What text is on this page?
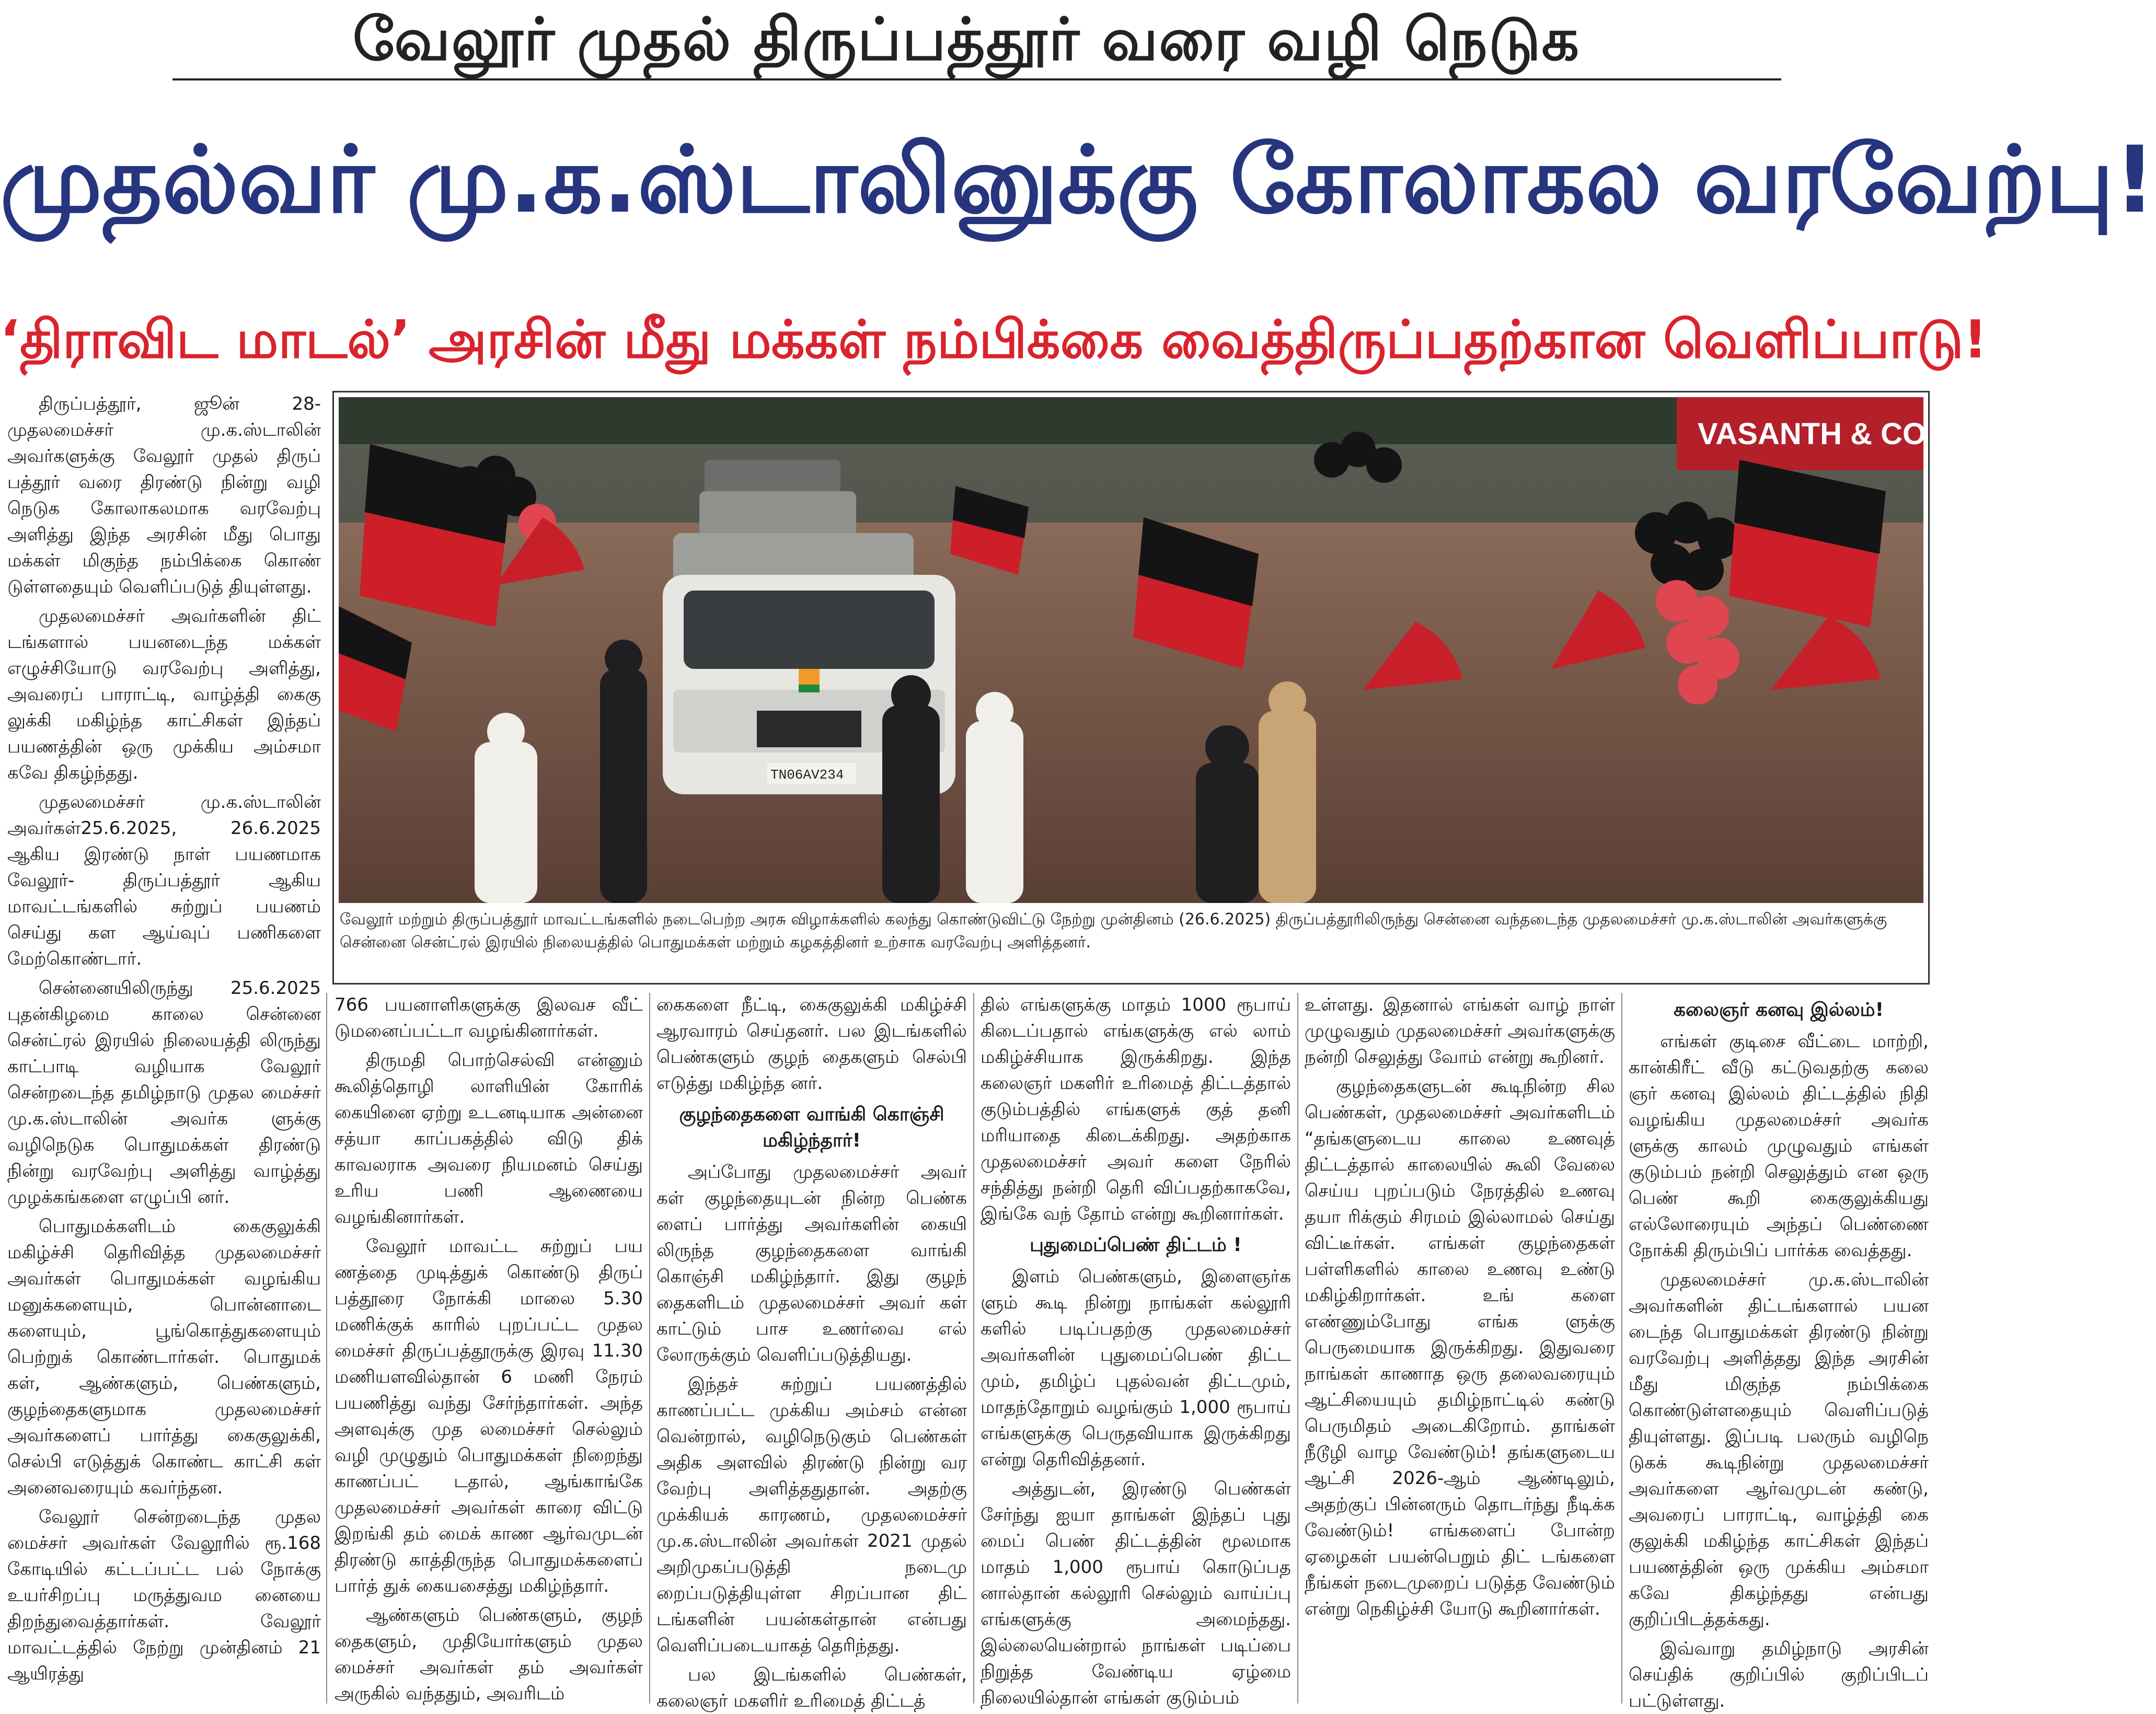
வேலூர் முதல் திருப்பத்தூர் வரை வழி நெடுக
முதல்வர் மு.க.ஸ்டாலினுக்கு கோலாகல வரவேற்பு!
‘திராவிட மாடல்’ அரசின் மீது மக்கள் நம்பிக்கை வைத்திருப்பதற்கான வெளிப்பாடு!

திருப்பத்தூர், ஜூன் 28- முதலமைச்சர் மு.க.ஸ்டாலின் அவர்களுக்கு வேலூர் முதல் திருப் பத்தூர் வரை திரண்டு நின்று வழி நெடுக கோலாகலமாக வரவேற்பு அளித்து இந்த அரசின் மீது பொது மக்கள் மிகுந்த நம்பிக்கை கொண் டுள்ளதையும் வெளிப்படுத் தியுள்ளது.

முதலமைச்சர் அவர்களின் திட் டங்களால் பயனடைந்த மக்கள் எழுச்சியோடு வரவேற்பு அளித்து, அவரைப் பாராட்டி, வாழ்த்தி கைகு லுக்கி மகிழ்ந்த காட்சிகள் இந்தப் பயணத்தின் ஒரு முக்கிய அம்சமா கவே திகழ்ந்தது.

முதலமைச்சர் மு.க.ஸ்டாலின் அவர்கள்25.6.2025, 26.6.2025 ஆகிய இரண்டு நாள் பயணமாக வேலூர்- திருப்பத்தூர் ஆகிய மாவட்டங்களில் சுற்றுப் பயணம் செய்து கள ஆய்வுப் பணிகளை மேற்கொண்டார்.

சென்னையிலிருந்து 25.6.2025 புதன்கிழமை காலை சென்னை சென்ட்ரல் இரயில் நிலையத்தி லிருந்து காட்பாடி வழியாக வேலூர் சென்றடைந்த தமிழ்நாடு முதல மைச்சர் மு.க.ஸ்டாலின் அவர்க ளுக்கு வழிநெடுக பொதுமக்கள் திரண்டு நின்று வரவேற்பு அளித்து வாழ்த்து முழக்கங்களை எழுப்பி னர்.

பொதுமக்களிடம் கைகுலுக்கி மகிழ்ச்சி தெரிவித்த முதலமைச்சர் அவர்கள் பொதுமக்கள் வழங்கிய மனுக்களையும், பொன்னாடை களையும், பூங்கொத்துகளையும் பெற்றுக் கொண்டார்கள். பொதுமக் கள், ஆண்களும், பெண்களும், குழந்தைகளுமாக முதலமைச்சர் அவர்களைப் பார்த்து கைகுலுக்கி, செல்பி எடுத்துக் கொண்ட காட்சி கள் அனைவரையும் கவர்ந்தன.

வேலூர் சென்றடைந்த முதல மைச்சர் அவர்கள் வேலூரில் ரூ.168 கோடியில் கட்டப்பட்ட பல் நோக்கு உயர்சிறப்பு மருத்துவம னையை திறந்துவைத்தார்கள். வேலூர் மாவட்டத்தில் நேற்று முன்தினம் 21 ஆயிரத்து

VASANTH & CO
TN06AV234
வேலூர் மற்றும் திருப்பத்தூர் மாவட்டங்களில் நடைபெற்ற அரசு விழாக்களில் கலந்து கொண்டுவிட்டு நேற்று முன்தினம் (26.6.2025) திருப்பத்தூரிலிருந்து சென்னை வந்தடைந்த முதலமைச்சர் மு.க.ஸ்டாலின் அவர்களுக்கு சென்னை சென்ட்ரல் இரயில் நிலையத்தில் பொதுமக்கள் மற்றும் கழகத்தினர் உற்சாக வரவேற்பு அளித்தனர்.

766 பயனாளிகளுக்கு இலவச வீட் டுமனைப்பட்டா வழங்கினார்கள்.

திருமதி பொற்செல்வி என்னும் கூலித்தொழி லாளியின் கோரிக் கையினை ஏற்று உடனடியாக அன்னை சத்யா காப்பகத்தில் விடு திக் காவலராக அவரை நியமனம் செய்து உரிய பணி ஆணையை வழங்கினார்கள்.

வேலூர் மாவட்ட சுற்றுப் பய ணத்தை முடித்துக் கொண்டு திருப் பத்தூரை நோக்கி மாலை 5.30 மணிக்குக் காரில் புறப்பட்ட முதல மைச்சர் திருப்பத்தூருக்கு இரவு 11.30 மணியளவில்தான் 6 மணி நேரம் பயணித்து வந்து சேர்ந்தார்கள். அந்த அளவுக்கு முத லமைச்சர் செல்லும் வழி முழுதும் பொதுமக்கள் நிறைந்து காணப்பட் டதால், ஆங்காங்கே முதலமைச்சர் அவர்கள் காரை விட்டு இறங்கி தம் மைக் காண ஆர்வமுடன் திரண்டு காத்திருந்த பொதுமக்களைப் பார்த் துக் கையசைத்து மகிழ்ந்தார்.

ஆண்களும் பெண்களும், குழந் தைகளும், முதியோர்களும் முதல மைச்சர் அவர்கள் தம் அவர்கள் அருகில் வந்ததும், அவரிடம்

கைகளை நீட்டி, கைகுலுக்கி மகிழ்ச்சி ஆரவாரம் செய்தனர். பல இடங்களில் பெண்களும் குழந் தைகளும் செல்பி எடுத்து மகிழ்ந்த னர்.

குழந்தைகளை வாங்கி கொஞ்சி மகிழ்ந்தார்!

அப்போது முதலமைச்சர் அவர் கள் குழந்தையுடன் நின்ற பெண்க ளைப் பார்த்து அவர்களின் கையி லிருந்த குழந்தைகளை வாங்கி கொஞ்சி மகிழ்ந்தார். இது குழந் தைகளிடம் முதலமைச்சர் அவர் கள் காட்டும் பாச உணர்வை எல் லோருக்கும் வெளிப்படுத்தியது.

இந்தச் சுற்றுப் பயணத்தில் காணப்பட்ட முக்கிய அம்சம் என்ன வென்றால், வழிநெடுகும் பெண்கள் அதிக அளவில் திரண்டு நின்று வர வேற்பு அளித்ததுதான். அதற்கு முக்கியக் காரணம், முதலமைச்சர் மு.க.ஸ்டாலின் அவர்கள் 2021 முதல் அறிமுகப்படுத்தி நடைமு றைப்படுத்தியுள்ள சிறப்பான திட் டங்களின் பயன்கள்தான் என்பது வெளிப்படையாகத் தெரிந்தது.

பல இடங்களில் பெண்கள், கலைஞர் மகளிர் உரிமைத் திட்டத்

தில் எங்களுக்கு மாதம் 1000 ரூபாய் கிடைப்பதால் எங்களுக்கு எல் லாம் மகிழ்ச்சியாக இருக்கிறது. இந்த கலைஞர் மகளிர் உரிமைத் திட்டத்தால் குடும்பத்தில் எங்களுக் குத் தனி மரியாதை கிடைக்கிறது. அதற்காக முதலமைச்சர் அவர் களை நேரில் சந்தித்து நன்றி தெரி விப்பதற்காகவே, இங்கே வந் தோம் என்று கூறினார்கள்.

புதுமைப்பெண் திட்டம் !

இளம் பெண்களும், இளைஞர்க ளும் கூடி நின்று நாங்கள் கல்லூரி களில் படிப்பதற்கு முதலமைச்சர் அவர்களின் புதுமைப்பெண் திட்ட மும், தமிழ்ப் புதல்வன் திட்டமும், மாதந்தோறும் வழங்கும் 1,000 ரூபாய் எங்களுக்கு பெருதவியாக இருக்கிறது என்று தெரிவித்தனர்.

அத்துடன், இரண்டு பெண்கள் சேர்ந்து ஐயா தாங்கள் இந்தப் புது மைப் பெண் திட்டத்தின் மூலமாக மாதம் 1,000 ரூபாய் கொடுப்பத னால்தான் கல்லூரி செல்லும் வாய்ப்பு எங்களுக்கு அமைந்தது. இல்லையென்றால் நாங்கள் படிப்பை நிறுத்த வேண்டிய ஏழ்மை நிலையில்தான் எங்கள் குடும்பம்

உள்ளது. இதனால் எங்கள் வாழ் நாள் முழுவதும் முதலமைச்சர் அவர்களுக்கு நன்றி செலுத்து வோம் என்று கூறினர்.

குழந்தைகளுடன் கூடிநின்ற சில பெண்கள், முதலமைச்சர் அவர்களிடம் “தங்களுடைய காலை உணவுத் திட்டத்தால் காலையில் கூலி வேலை செய்ய புறப்படும் நேரத்தில் உணவு தயா ரிக்கும் சிரமம் இல்லாமல் செய்து விட்டீர்கள். எங்கள் குழந்தைகள் பள்ளிகளில் காலை உணவு உண்டு மகிழ்கிறார்கள். உங் களை எண்ணும்போது எங்க ளுக்கு பெருமையாக இருக்கிறது. இதுவரை நாங்கள் காணாத ஒரு தலைவரையும் ஆட்சியையும் தமிழ்நாட்டில் கண்டு பெருமிதம் அடைகிறோம். தாங்கள் நீடூழி வாழ வேண்டும்! தங்களுடைய ஆட்சி 2026-ஆம் ஆண்டிலும், அதற்குப் பின்னரும் தொடர்ந்து நீடிக்க வேண்டும்! எங்களைப் போன்ற ஏழைகள் பயன்பெறும் திட் டங்களை நீங்கள் நடைமுறைப் படுத்த வேண்டும் என்று நெகிழ்ச்சி யோடு கூறினார்கள்.

கலைஞர் கனவு இல்லம்!

எங்கள் குடிசை வீட்டை மாற்றி, கான்கிரீட் வீடு கட்டுவதற்கு கலை ஞர் கனவு இல்லம் திட்டத்தில் நிதி வழங்கிய முதலமைச்சர் அவர்க ளுக்கு காலம் முழுவதும் எங்கள் குடும்பம் நன்றி செலுத்தும் என ஒரு பெண் கூறி கைகுலுக்கியது எல்லோரையும் அந்தப் பெண்ணை நோக்கி திரும்பிப் பார்க்க வைத்தது.

முதலமைச்சர் மு.க.ஸ்டாலின் அவர்களின் திட்டங்களால் பயன டைந்த பொதுமக்கள் திரண்டு நின்று வரவேற்பு அளித்தது இந்த அரசின் மீது மிகுந்த நம்பிக்கை கொண்டுள்ளதையும் வெளிப்படுத் தியுள்ளது. இப்படி பலரும் வழிநெ டுகக் கூடிநின்று முதலமைச்சர் அவர்களை ஆர்வமுடன் கண்டு, அவரைப் பாராட்டி, வாழ்த்தி கை குலுக்கி மகிழ்ந்த காட்சிகள் இந்தப் பயணத்தின் ஒரு முக்கிய அம்சமா கவே திகழ்ந்தது என்பது குறிப்பிடத்தக்கது.

இவ்வாறு தமிழ்நாடு அரசின் செய்திக் குறிப்பில் குறிப்பிடப் பட்டுள்ளது.
